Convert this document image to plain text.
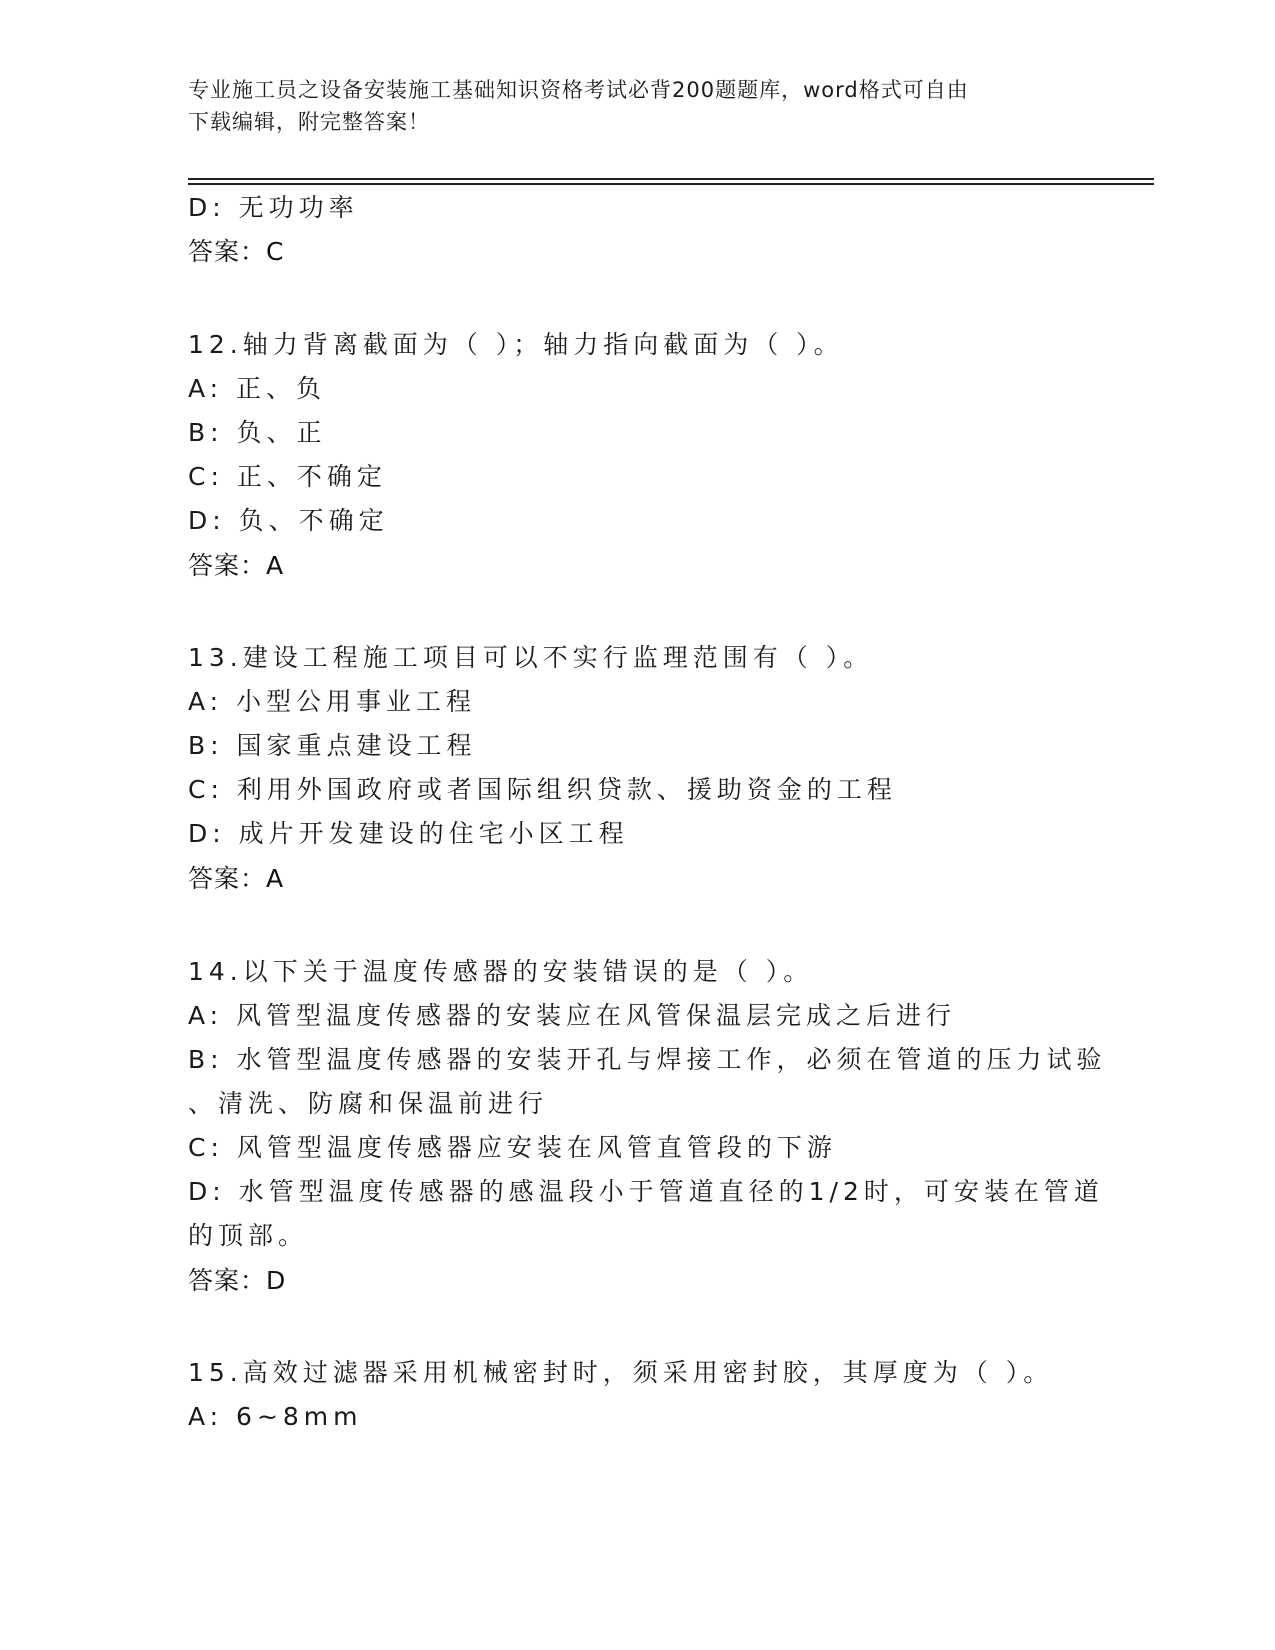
专业施工员之设备安装施工基础知识资格考试必背200题题库，word格式可自由
下载编辑，附完整答案！
D: 无功功率
答案：C
12.轴力背离截面为（ ）；轴力指向截面为（ ）。
A: 正、负
B: 负、正
C: 正、不确定
D: 负、不确定
答案：A
13.建设工程施工项目可以不实行监理范围有（ ）。
A: 小型公用事业工程
B: 国家重点建设工程
C: 利用外国政府或者国际组织贷款、援助资金的工程
D: 成片开发建设的住宅小区工程
答案：A
14.以下关于温度传感器的安装错误的是（ ）。
A: 风管型温度传感器的安装应在风管保温层完成之后进行
B: 水管型温度传感器的安装开孔与焊接工作，必须在管道的压力试验
、清洗、防腐和保温前进行
C: 风管型温度传感器应安装在风管直管段的下游
D: 水管型温度传感器的感温段小于管道直径的1/2时，可安装在管道
的顶部。
答案：D
15.高效过滤器采用机械密封时，须采用密封胶，其厚度为（ ）。
A: 6~8mm
